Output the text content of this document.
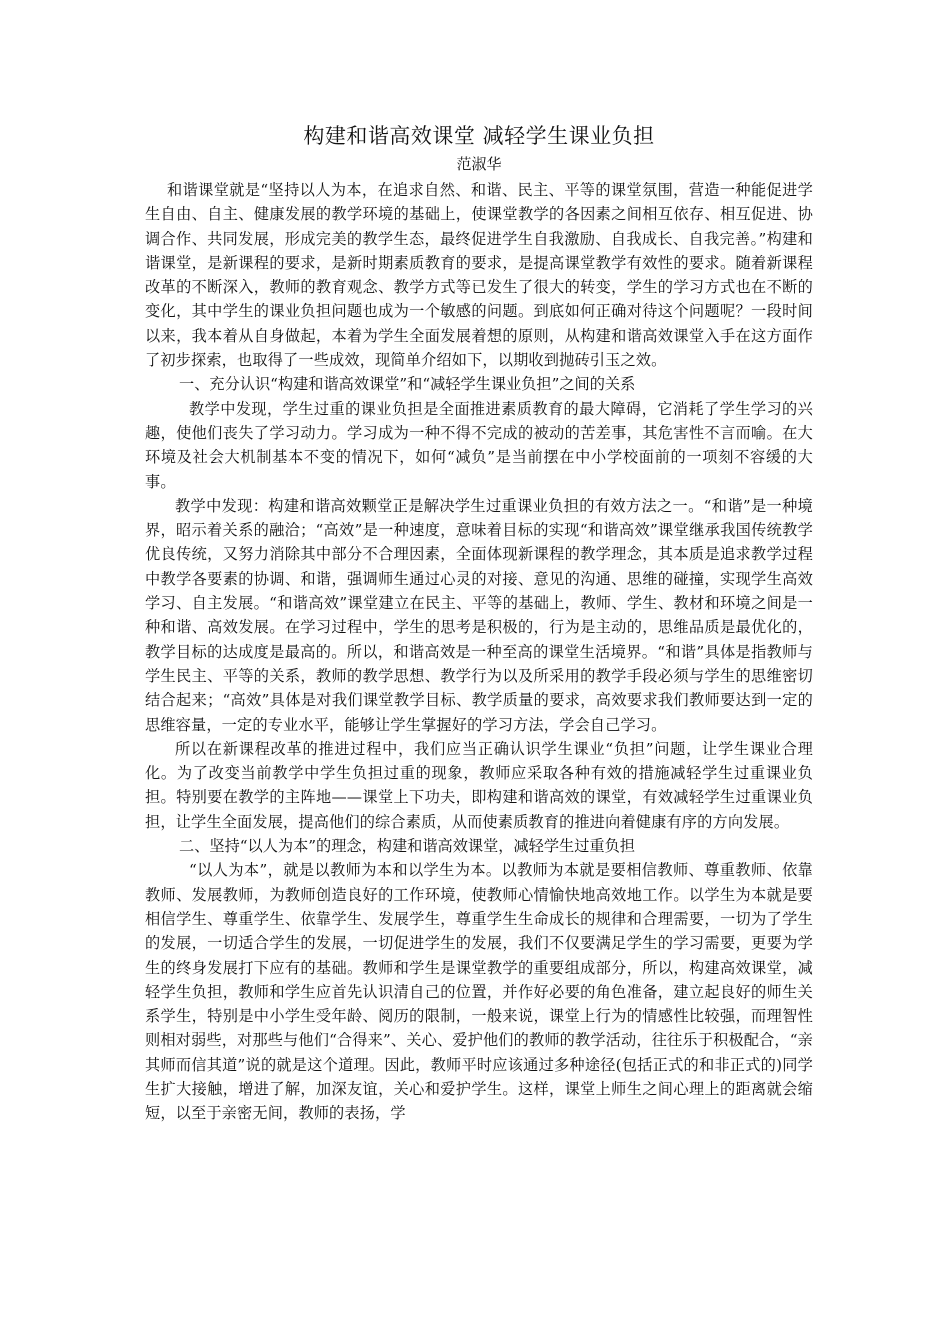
构建和谐高效课堂 减轻学生课业负担
范淑华

和谐课堂就是“坚持以人为本，在追求自然、和谐、民主、平等的课堂氛围，营造一种能促进学生自由、自主、健康发展的教学环境的基础上，使课堂教学的各因素之间相互依存、相互促进、协调合作、共同发展，形成完美的教学生态，最终促进学生自我激励、自我成长、自我完善。”构建和谐课堂，是新课程的要求，是新时期素质教育的要求，是提高课堂教学有效性的要求。随着新课程改革的不断深入，教师的教育观念、教学方式等已发生了很大的转变，学生的学习方式也在不断的变化，其中学生的课业负担问题也成为一个敏感的问题。到底如何正确对待这个问题呢？一段时间以来，我本着从自身做起，本着为学生全面发展着想的原则，从构建和谐高效课堂入手在这方面作了初步探索，也取得了一些成效，现简单介绍如下，以期收到抛砖引玉之效。

一、充分认识“构建和谐高效课堂”和“减轻学生课业负担”之间的关系

教学中发现，学生过重的课业负担是全面推进素质教育的最大障碍，它消耗了学生学习的兴趣，使他们丧失了学习动力。学习成为一种不得不完成的被动的苦差事，其危害性不言而喻。在大环境及社会大机制基本不变的情况下，如何“减负”是当前摆在中小学校面前的一项刻不容缓的大事。

教学中发现：构建和谐高效颗堂正是解决学生过重课业负担的有效方法之一。“和谐”是一种境界，昭示着关系的融洽；“高效”是一种速度，意味着目标的实现“和谐高效”课堂继承我国传统教学优良传统，又努力消除其中部分不合理因素，全面体现新课程的教学理念，其本质是追求教学过程中教学各要素的协调、和谐，强调师生通过心灵的对接、意见的沟通、思维的碰撞，实现学生高效学习、自主发展。“和谐高效”课堂建立在民主、平等的基础上，教师、学生、教材和环境之间是一种和谐、高效发展。在学习过程中，学生的思考是积极的，行为是主动的，思维品质是最优化的，教学目标的达成度是最高的。所以，和谐高效是一种至高的课堂生活境界。“和谐”具体是指教师与学生民主、平等的关系，教师的教学思想、教学行为以及所采用的教学手段必须与学生的思维密切结合起来；“高效”具体是对我们课堂教学目标、教学质量的要求，高效要求我们教师要达到一定的思维容量，一定的专业水平，能够让学生掌握好的学习方法，学会自己学习。

所以在新课程改革的推进过程中，我们应当正确认识学生课业“负担”问题，让学生课业合理化。为了改变当前教学中学生负担过重的现象，教师应采取各种有效的措施减轻学生过重课业负担。特别要在教学的主阵地——课堂上下功夫，即构建和谐高效的课堂，有效减轻学生过重课业负担，让学生全面发展，提高他们的综合素质，从而使素质教育的推进向着健康有序的方向发展。

二、坚持“以人为本”的理念，构建和谐高效课堂，减轻学生过重负担

“以人为本”，就是以教师为本和以学生为本。以教师为本就是要相信教师、尊重教师、依靠教师、发展教师，为教师创造良好的工作环境，使教师心情愉快地高效地工作。以学生为本就是要相信学生、尊重学生、依靠学生、发展学生，尊重学生生命成长的规律和合理需要，一切为了学生的发展，一切适合学生的发展，一切促进学生的发展，我们不仅要满足学生的学习需要，更要为学生的终身发展打下应有的基础。教师和学生是课堂教学的重要组成部分，所以，构建高效课堂，减轻学生负担，教师和学生应首先认识清自己的位置，并作好必要的角色准备，建立起良好的师生关系学生，特别是中小学生受年龄、阅历的限制，一般来说，课堂上行为的情感性比较强，而理智性则相对弱些，对那些与他们“合得来”、关心、爱护他们的教师的教学活动，往往乐于积极配合，“亲其师而信其道”说的就是这个道理。因此，教师平时应该通过多种途径(包括正式的和非正式的)同学生扩大接触，增进了解，加深友谊，关心和爱护学生。这样，课堂上师生之间心理上的距离就会缩短，以至于亲密无间，教师的表扬，学
